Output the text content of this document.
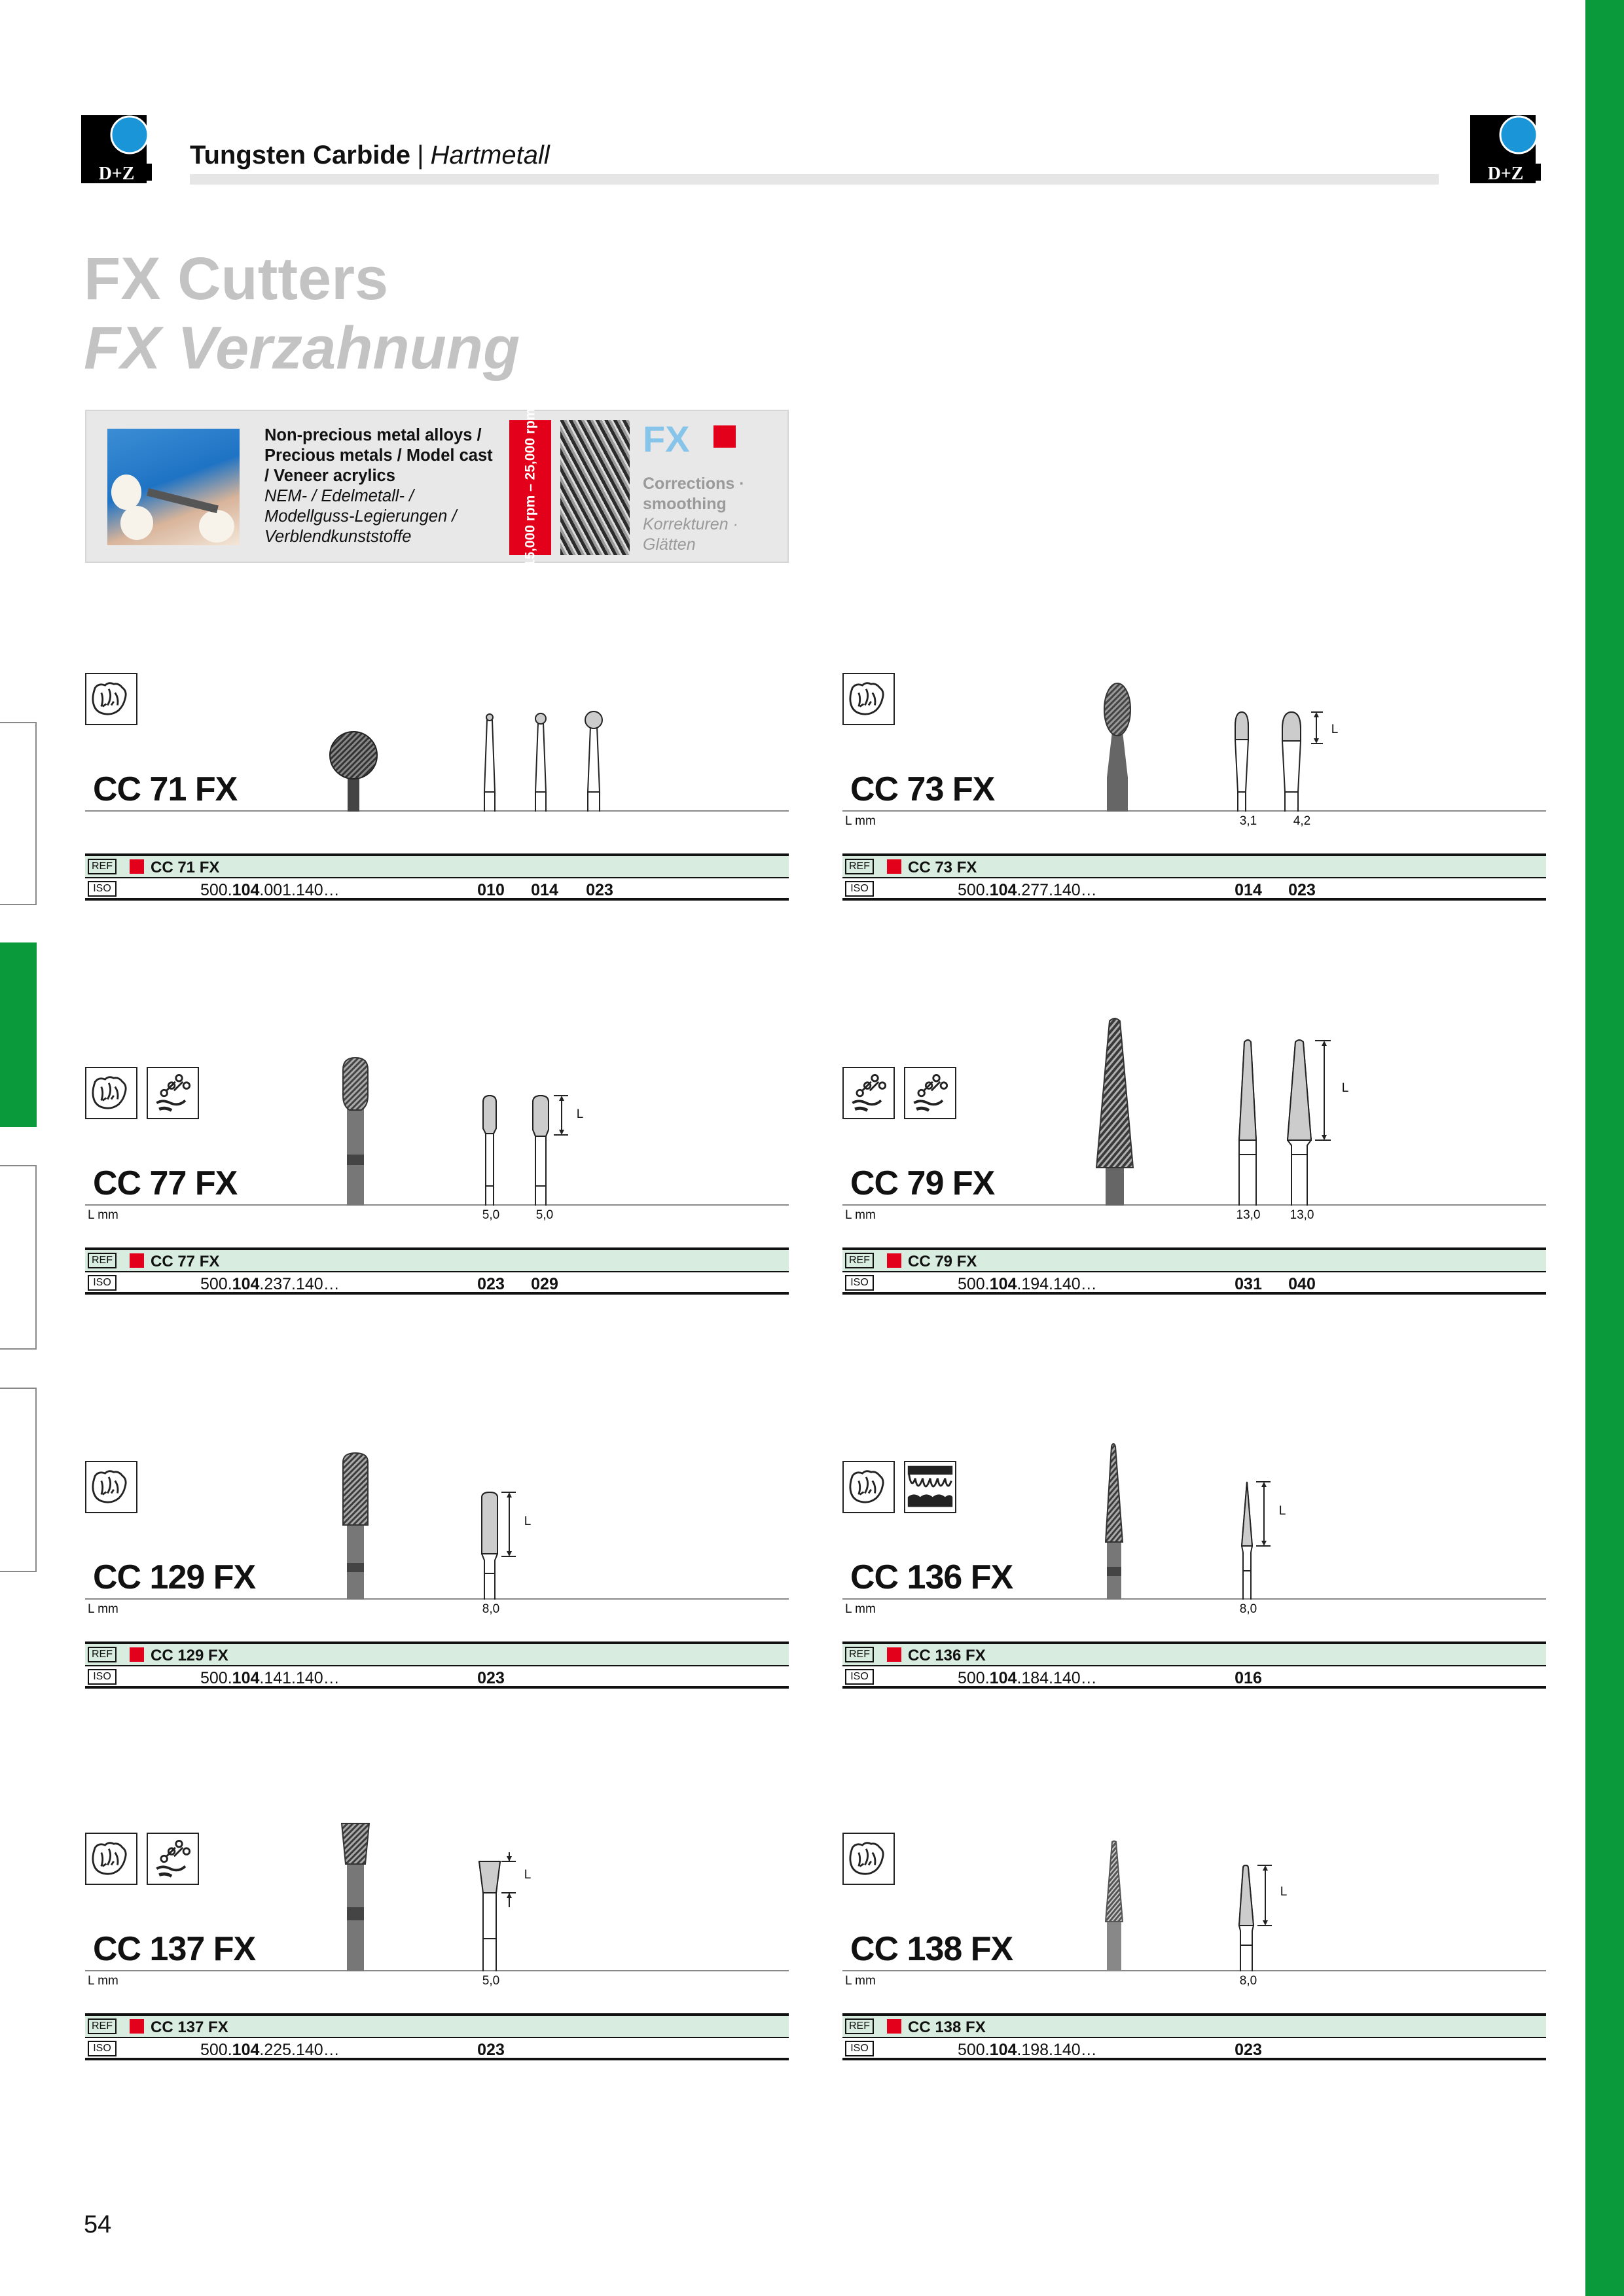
D+Z	D+Z
Tungsten Carbide | Hartmetall
FX Cutters
FX Verzahnung
Non-precious metal alloys / Precious metals / Model cast / Veneer acrylics
NEM- / Edelmetall- / Modellguss-Legierungen / Verblendkunststoffe	15,000 rpm – 25,000 rpm	FX
Corrections · smoothing
Korrekturen · Glätten
CC 71 FX
REF CC 71 FX
ISO	500.104.001.140…	010 014 023
CC 73 FX
L mm
L
3,1	4,2
REF CC 73 FX
ISO	500.104.277.140…	014 023
CC 77 FX
L mm
L
5,0	5,0
REF CC 77 FX
ISO	500.104.237.140…	023 029
CC 79 FX
L mm
L
13,0 13,0
REF CC 79 FX
ISO	500.104.194.140…	031 040
CC 129 FX
L mm
L
8,0
REF CC 129 FX
ISO	500.104.141.140…	023
CC 136 FX
L mm
L
8,0
REF CC 136 FX
ISO	500.104.184.140…	016
CC 137 FX
L mm
L
5,0
REF CC 137 FX
ISO	500.104.225.140…	023
CC 138 FX
L mm
L
8,0
REF CC 138 FX
ISO	500.104.198.140…	023
54
